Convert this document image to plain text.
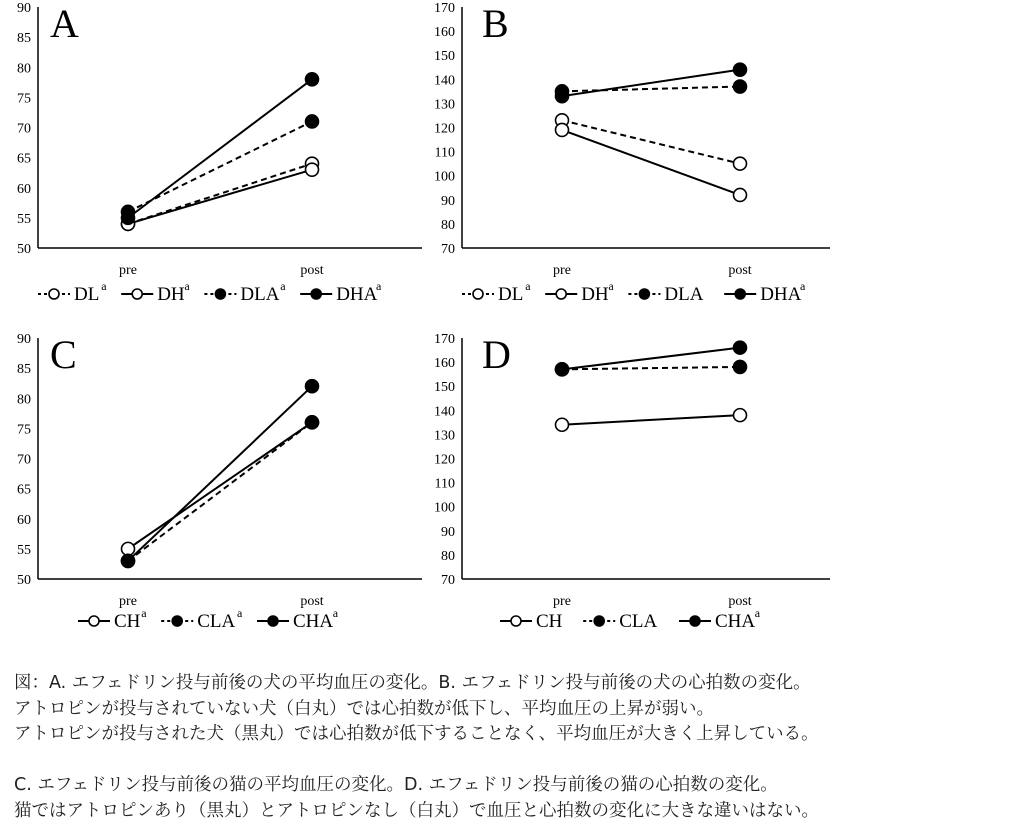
50
55
60
65
70
75
80
85
90
pre	post
A
DL a	DH a	DLA a	DHA
a
70
80
90
100
110
120
130
140
150
160
170
pre	post
B
DL a	DH a	DLA	DHA
a
50
55
60
65
70
75
80
85
90
pre	post
C
CH a	CLA a	CHA a
70
80
90
100
110
120
130
140
150
160
170
pre	post
D
CH	CLA	CHA a

図：A. エフェドリン投与前後の犬の平均血圧の変化。B. エフェドリン投与前後の犬の心拍数の変化。

アトロピンが投与されていない犬（白丸）では心拍数が低下し、平均血圧の上昇が弱い。

アトロピンが投与された犬（黒丸）では心拍数が低下することなく、平均血圧が大きく上昇している。

C. エフェドリン投与前後の猫の平均血圧の変化。D. エフェドリン投与前後の猫の心拍数の変化。

猫ではアトロピンあり（黒丸）とアトロピンなし（白丸）で血圧と心拍数の変化に大きな違いはない。
